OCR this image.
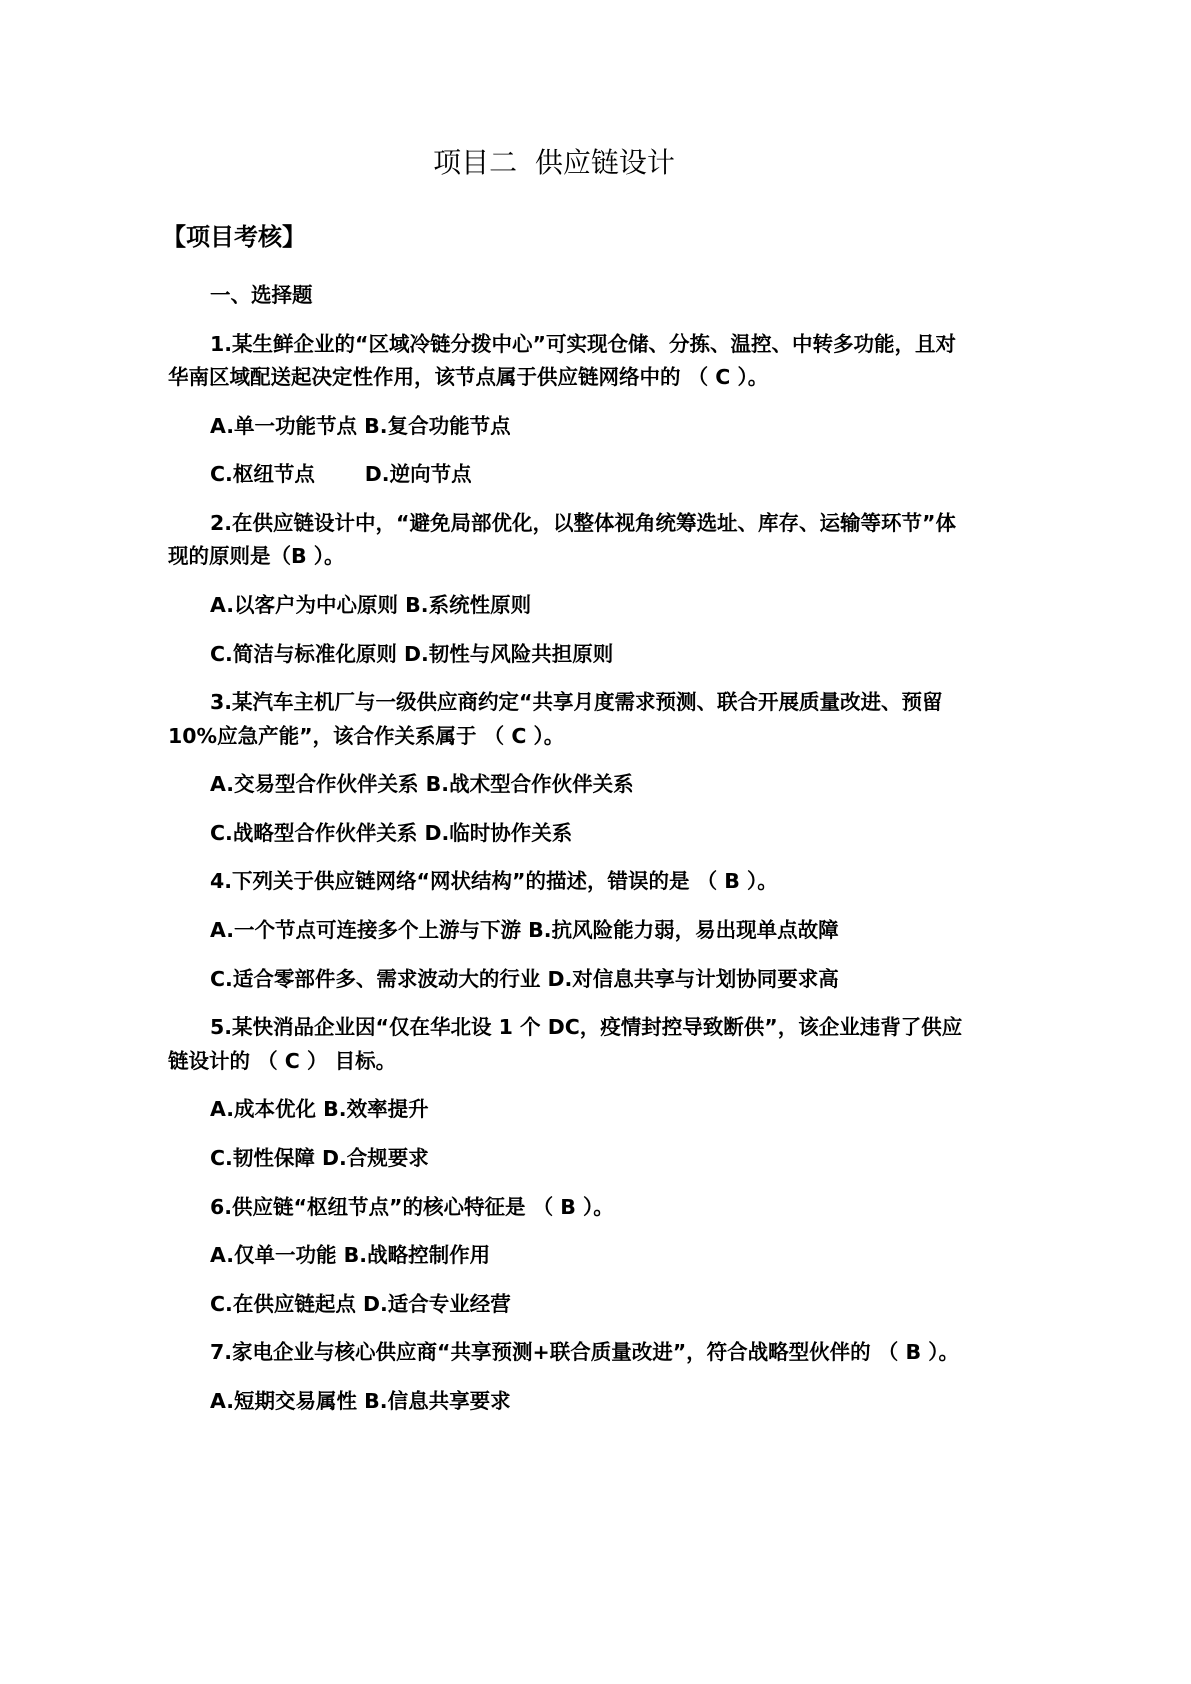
项目二  供应链设计
【项目考核】
一、选择题
1.某生鲜企业的“区域冷链分拨中心”可实现仓储、分拣、温控、中转多功能，且对
华南区域配送起决定性作用，该节点属于供应链网络中的 （ C ）。
A.单一功能节点 B.复合功能节点
C.枢纽节点       D.逆向节点
2.在供应链设计中，“避免局部优化，以整体视角统筹选址、库存、运输等环节”体
现的原则是（B ）。
A.以客户为中心原则 B.系统性原则
C.简洁与标准化原则 D.韧性与风险共担原则
3.某汽车主机厂与一级供应商约定“共享月度需求预测、联合开展质量改进、预留
10%应急产能”，该合作关系属于 （ C ）。
A.交易型合作伙伴关系 B.战术型合作伙伴关系
C.战略型合作伙伴关系 D.临时协作关系
4.下列关于供应链网络“网状结构”的描述，错误的是 （ B ）。
A.一个节点可连接多个上游与下游 B.抗风险能力弱，易出现单点故障
C.适合零部件多、需求波动大的行业 D.对信息共享与计划协同要求高
5.某快消品企业因“仅在华北设 1 个 DC，疫情封控导致断供”，该企业违背了供应
链设计的 （ C ） 目标。
A.成本优化 B.效率提升
C.韧性保障 D.合规要求
6.供应链“枢纽节点”的核心特征是 （ B ）。
A.仅单一功能 B.战略控制作用
C.在供应链起点 D.适合专业经营
7.家电企业与核心供应商“共享预测+联合质量改进”，符合战略型伙伴的 （ B ）。
A.短期交易属性 B.信息共享要求
